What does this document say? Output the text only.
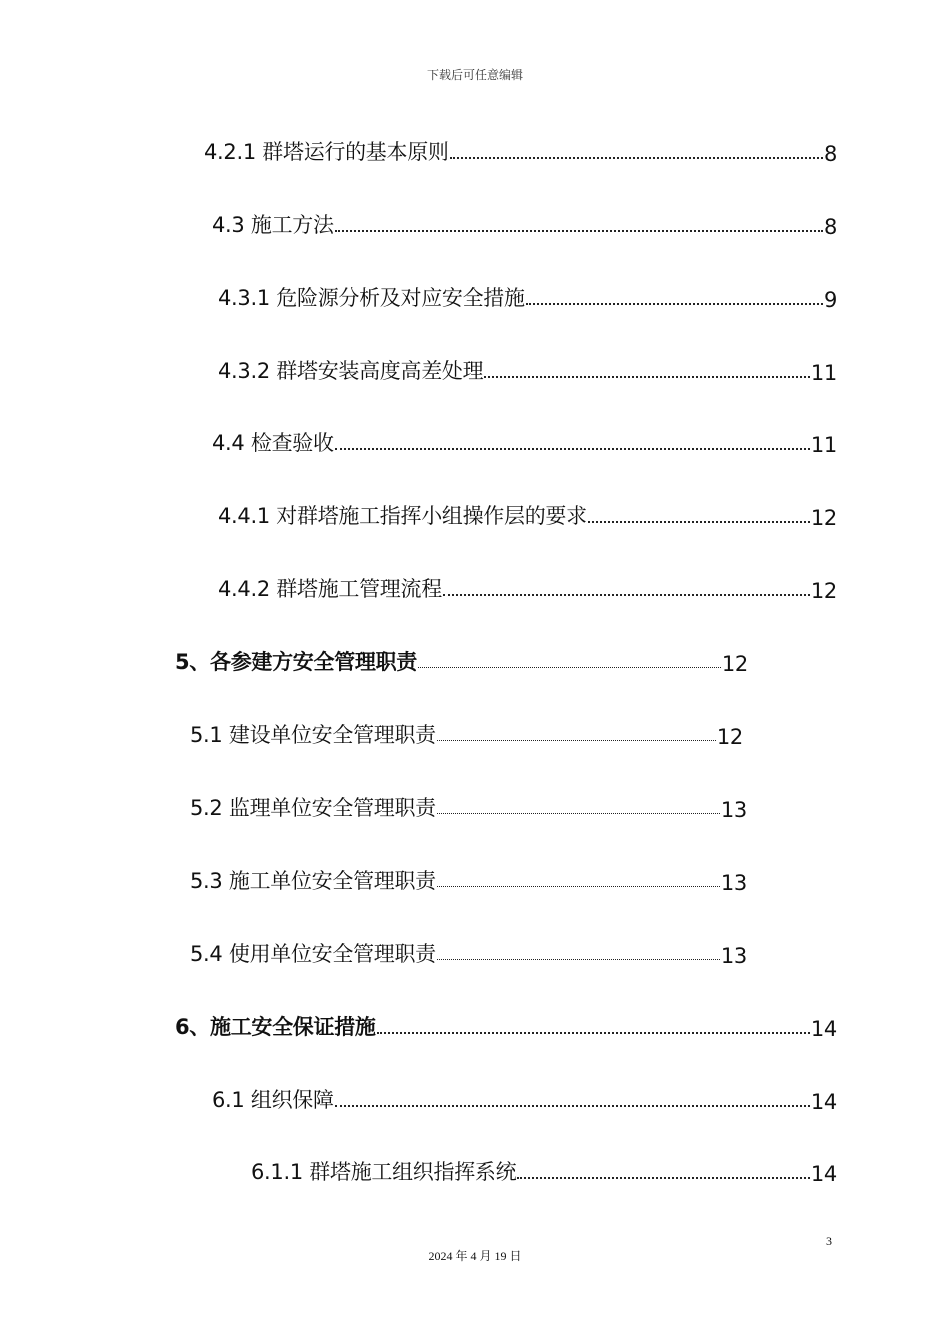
下载后可任意编辑
4.2.1 群塔运行的基本原则	8
4.3 施工方法	8
4.3.1 危险源分析及对应安全措施	9
4.3.2 群塔安装高度高差处理	11
4.4 检查验收	11
4.4.1 对群塔施工指挥小组操作层的要求	12
4.4.2 群塔施工管理流程	12
5、各参建方安全管理职责	12
5.1 建设单位安全管理职责	12
5.2 监理单位安全管理职责	13
5.3 施工单位安全管理职责	13
5.4 使用单位安全管理职责	13
6、施工安全保证措施	14
6.1 组织保障	14
6.1.1 群塔施工组织指挥系统	14
3
2024 年 4 月 19 日
